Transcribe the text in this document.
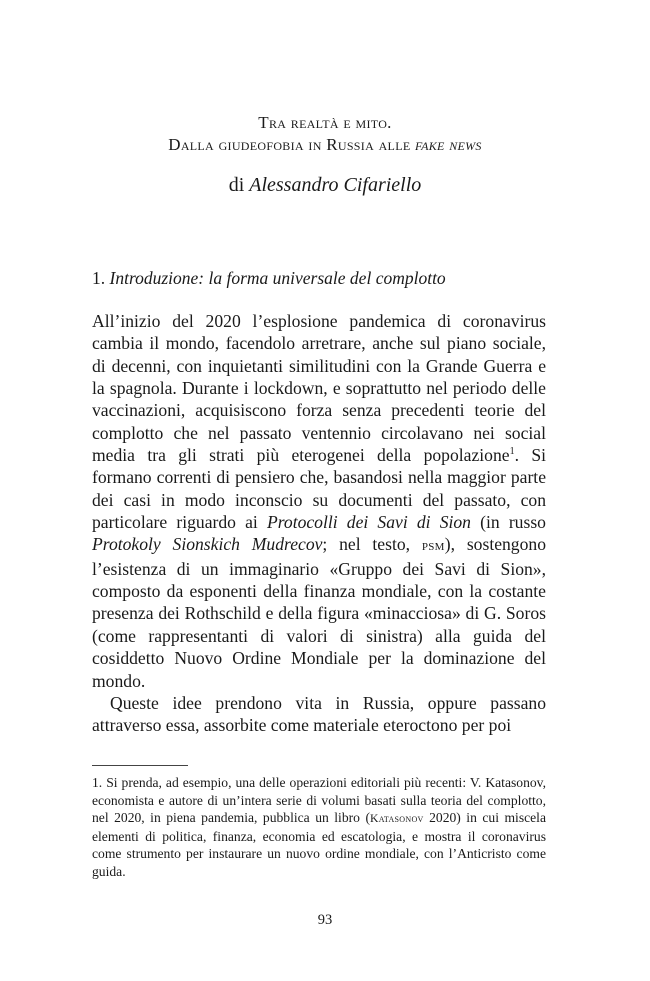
Tra realtà e mito.
Dalla giudeofobia in Russia alle fake news
di Alessandro Cifariello
1. Introduzione: la forma universale del complotto

All’inizio del 2020 l’esplosione pandemica di coronavirus cambia il mondo, facendolo arretrare, anche sul piano sociale, di decenni, con inquietanti similitudini con la Grande Guerra e la spagnola. Durante i lockdown, e soprattutto nel periodo delle vaccinazioni, acquisiscono forza senza precedenti teorie del complotto che nel passato ventennio circolavano nei social media tra gli strati più eterogenei della popolazione$^1$. Si formano correnti di pensiero che, basandosi nella maggior parte dei casi in modo inconscio su documenti del passato, con particolare riguardo ai Protocolli dei Savi di Sion (in russo Protokoly Sionskich Mudrecov; nel testo, psm), sostengono l’esistenza di un immaginario «Gruppo dei Savi di Sion», composto da esponenti della finanza mondiale, con la costante presenza dei Rothschild e della figura «minacciosa» di G. Soros (come rappresentanti di valori di sinistra) alla guida del cosiddetto Nuovo Ordine Mondiale per la dominazione del mondo.

Queste idee prendono vita in Russia, oppure passano attraverso essa, assorbite come materiale eteroctono per poi

1. Si prenda, ad esempio, una delle operazioni editoriali più recenti: V. Katasonov, economista e autore di un’intera serie di volumi basati sulla teoria del complotto, nel 2020, in piena pandemia, pubblica un libro (Katasonov 2020) in cui miscela elementi di politica, finanza, economia ed escatologia, e mostra il coronavirus come strumento per instaurare un nuovo ordine mondiale, con l’Anticristo come guida.
93
